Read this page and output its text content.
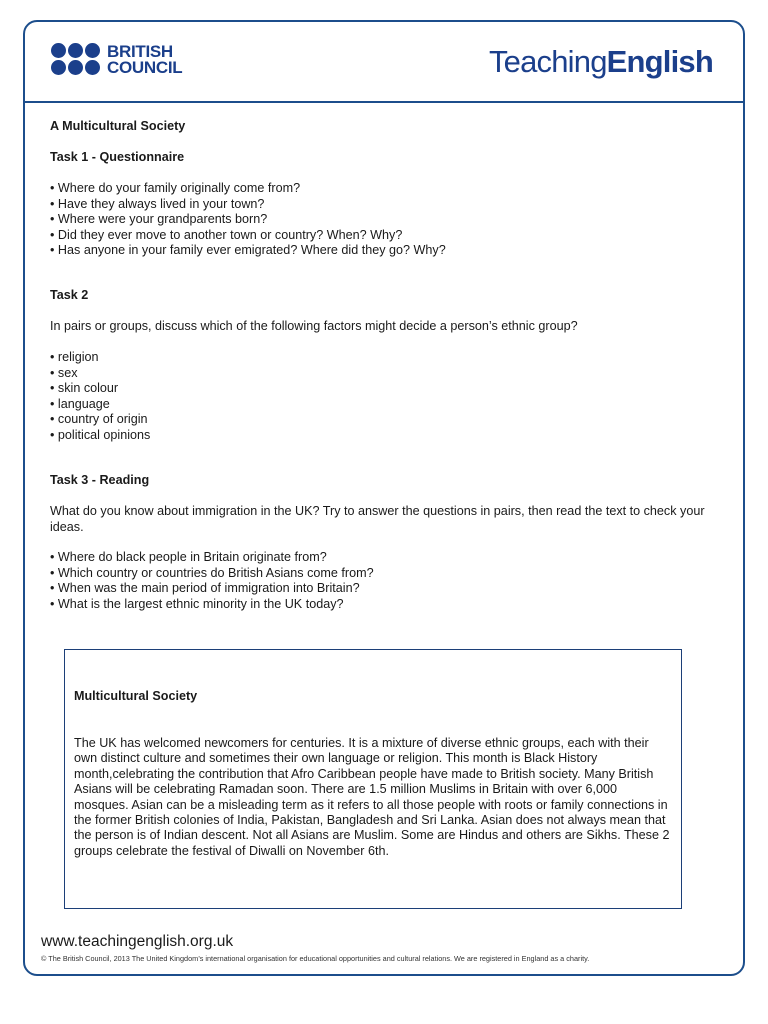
BRITISH
COUNCIL	TeachingEnglish

A Multicultural Society

Task 1 - Questionnaire

• Where do your family originally come from?
• Have they always lived in your town?
• Where were your grandparents born?
• Did they ever move to another town or country? When? Why?
• Has anyone in your family ever emigrated? Where did they go? Why?

Task 2

In pairs or groups, discuss which of the following factors might decide a person’s ethnic group?

• religion
• sex
• skin colour
• language
• country of origin
• political opinions

Task 3 - Reading

What do you know about immigration in the UK? Try to answer the questions in pairs, then read the text to check your ideas.

• Where do black people in Britain originate from?
• Which country or countries do British Asians come from?
• When was the main period of immigration into Britain?
• What is the largest ethnic minority in the UK today?

Multicultural Society

The UK has welcomed newcomers for centuries. It is a mixture of diverse ethnic groups, each with their own distinct culture and sometimes their own language or religion. This month is Black History month,celebrating the contribution that Afro Caribbean people have made to British society. Many British Asians will be celebrating Ramadan soon. There are 1.5 million Muslims in Britain with over 6,000 mosques. Asian can be a misleading term as it refers to all those people with roots or family connections in the former British colonies of India, Pakistan, Bangladesh and Sri Lanka. Asian does not always mean that the person is of Indian descent. Not all Asians are Muslim. Some are Hindus and others are Sikhs. These 2 groups celebrate the festival of Diwalli on November 6th.

www.teachingenglish.org.uk
© The British Council, 2013 The United Kingdom’s international organisation for educational opportunities and cultural relations. We are registered in England as a charity.
